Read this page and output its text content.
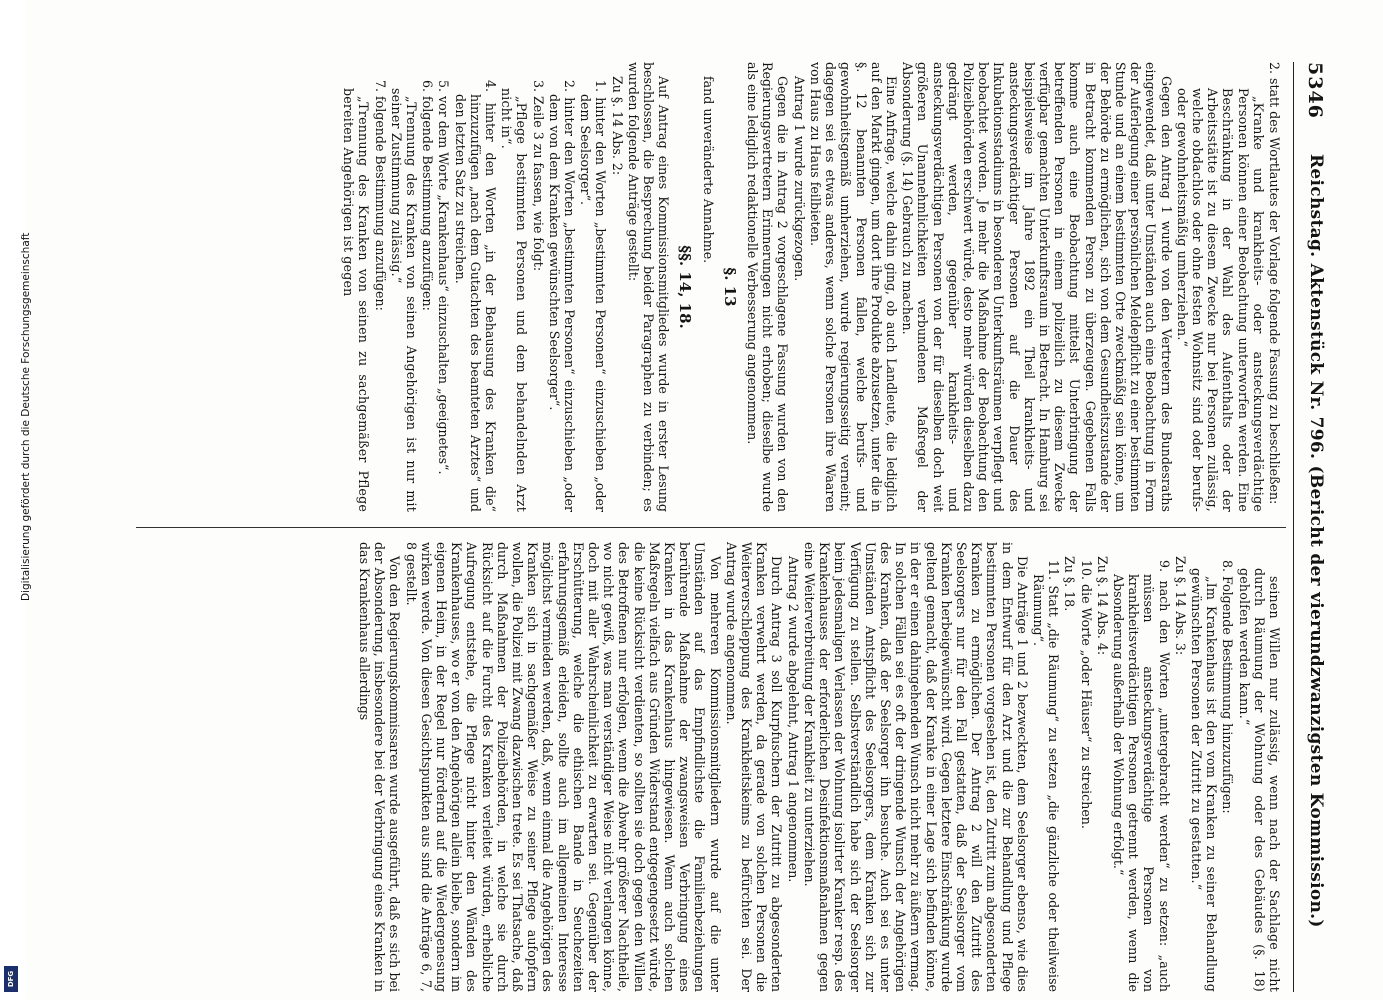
5346
Reichstag. Aktenstück Nr. 796. (Bericht der vierundzwanzigsten Kommission.)

2. statt des Wortlautes der Vorlage folgende Fassung zu beschließen:

„Kranke und krankheits- oder ansteckungsverdächtige Personen können einer Beobachtung unterworfen werden. Eine Beschränkung in der Wahl des Aufenthalts oder der Arbeitsstätte ist zu diesem Zwecke nur bei Personen zulässig, welche obdachlos oder ohne festen Wohnsitz sind oder berufs- oder gewohnheitsmäßig umherziehen.“

Gegen den Antrag 1 wurde von den Vertretern des Bundesraths eingewendet, daß unter Umständen auch eine Beobachtung in Form der Auferlegung einer persönlichen Meldepflicht zu einer bestimmten Stunde und an einem bestimmten Orte zweckmäßig sein könne, um der Behörde zu ermöglichen, sich von dem Gesundheitszustande der in Betracht kommenden Person zu überzeugen. Gegebenen Falls komme auch eine Beobachtung mittelst Unterbringung der betreffenden Personen in einem polizeilich zu diesem Zwecke verfügbar gemachten Unterkunftsraum in Betracht. In Hamburg sei beispielsweise im Jahre 1892 ein Theil krankheits- und ansteckungsverdächtiger Personen auf die Dauer des Inkubationsstadiums in besonderen Unterkunftsräumen verpflegt und beobachtet worden. Je mehr die Maßnahme der Beobachtung den Polizeibehörden erschwert würde, desto mehr würden dieselben dazu gedrängt werden, gegenüber krankheits- und ansteckungsverdächtigen Personen von der für dieselben doch weit größeren Unannehmlichkeiten verbundenen Maßregel der Absonderung (§. 14) Gebrauch zu machen.

Eine Anfrage, welche dahin ging, ob auch Landleute, die lediglich auf den Markt gingen, um dort ihre Produkte abzusetzen, unter die in §. 12 benannten Personen fallen, welche berufs- und gewohnheitsgemäß umherziehen, wurde regierungsseitig verneint; dagegen sei es etwas anderes, wenn solche Personen ihre Waaren von Haus zu Haus feilbieten.

Antrag 1 wurde zurückgezogen.

Gegen die in Antrag 2 vorgeschlagene Fassung wurden von den Regierungsvertretern Erinnerungen nicht erhoben; dieselbe wurde als eine lediglich redaktionelle Verbesserung angenommen.

§. 13

fand unveränderte Annahme.

§§. 14, 18.

Auf Antrag eines Kommissionsmitgliedes wurde in erster Lesung beschlossen, die Besprechung beider Paragraphen zu verbinden; es wurden folgende Anträge gestellt:

Zu §. 14 Abs. 2:

1. hinter den Worten „bestimmten Personen“ einzuschieben „oder dem Seelsorger“.

2. hinter den Worten „bestimmten Personen“ einzuschieben „oder dem von dem Kranken gewünschten Seelsorger“.

3. Zeile 3 zu fassen, wie folgt:

„Pflege bestimmten Personen und dem behandelnden Arzt nicht in“.

4. hinter den Worten „in der Behausung des Kranken die“ hinzuzufügen „nach dem Gutachten des beamteten Arztes“ und den letzten Satz zu streichen.

5. vor dem Worte „Krankenhaus“ einzuschalten „geeignetes“.

6. folgende Bestimmung anzufügen:

„Trennung des Kranken von seinen Angehörigen ist nur mit seiner Zustimmung zulässig.“

7. folgende Bestimmung anzufügen:

„Trennung des Kranken von seinen zu sachgemäßer Pflege bereiten Angehörigen ist gegen

seinen Willen nur zulässig, wenn nach der Sachlage nicht durch Räumung der Wohnung oder des Gebäudes (§. 18) geholfen werden kann.“

8. Folgende Bestimmung hinzuzufügen:

„Im Krankenhaus ist den vom Kranken zu seiner Behandlung gewünschten Personen der Zutritt zu gestatten.“

Zu §. 14 Abs. 3:

9. nach den Worten „untergebracht werden“ zu setzen: „auch müssen ansteckungsverdächtige Personen von krankheitsverdächtigen Personen getrennt werden, wenn die Absonderung außerhalb der Wohnung erfolgt.“

Zu §. 14 Abs. 4:

10. die Worte „oder Häuser“ zu streichen.

Zu §. 18.

11. Statt „die Räumung“ zu setzen „die gänzliche oder theilweise Räumung“.

Die Anträge 1 und 2 bezweckten, dem Seelsorger ebenso, wie dies in dem Entwurf für den Arzt und die zur Behandlung und Pflege bestimmten Personen vorgesehen ist, den Zutritt zum abgesonderten Kranken zu ermöglichen. Der Antrag 2 will den Zutritt des Seelsorgers nur für den Fall gestatten, daß der Seelsorger vom Kranken herbeigewünscht wird. Gegen letztere Einschränkung wurde geltend gemacht, daß der Kranke in einer Lage sich befinden könne, in der er einen dahingehenden Wunsch nicht mehr zu äußern vermag. In solchen Fällen sei es oft der dringende Wunsch der Angehörigen des Kranken, daß der Seelsorger ihn besuche. Auch sei es unter Umständen Amtspflicht des Seelsorgers, dem Kranken sich zur Verfügung zu stellen. Selbstverständlich habe sich der Seelsorger beim jedesmaligen Verlassen der Wohnung isolirter Kranker resp. des Krankenhauses der erforderlichen Desinfektionsmaßnahmen gegen eine Weiterverbreitung der Krankheit zu unterziehen.

Antrag 2 wurde abgelehnt, Antrag 1 angenommen.

Durch Antrag 3 soll Kurpfuschern der Zutritt zu abgesonderten Kranken verwehrt werden, da gerade von solchen Personen die Weiterverschleppung des Krankheitskeims zu befürchten sei. Der Antrag wurde angenommen.

Von mehreren Kommissionsmitgliedern wurde auf die unter Umständen auf das Empfindlichste die Familienbeziehungen berührende Maßnahme der zwangsweisen Verbringung eines Kranken in das Krankenhaus hingewiesen. Wenn auch solchen Maßregeln vielfach aus Gründen Widerstand entgegengesetzt würde, die keine Rücksicht verdienten, so sollten sie doch gegen den Willen des Betroffenen nur erfolgen, wenn die Abwehr größerer Nachtheile, wo nicht gewiß, was man verständiger Weise nicht verlangen könne, doch mit aller Wahrscheinlichkeit zu erwarten sei. Gegenüber der Erschütterung, welche die ethischen Bande in Seuchezeiten erfahrungsgemäß erleiden, sollte auch im allgemeinen Interesse möglichst vermieden werden, daß, wenn einmal die Angehörigen des Kranken sich in sachgemäßer Weise zu seiner Pflege aufopfern wollen, die Polizei mit Zwang dazwischen trete. Es sei Thatsache, daß durch Maßnahmen der Polizeibehörden, in welche sie durch Rücksicht auf die Furcht des Kranken verleitet würden, erhebliche Aufregung entstehe, die Pflege nicht hinter den Wänden des Krankenhauses, wo er von den Angehörigen allein bleibe, sondern im eigenen Heim, in der Regel nur fördernd auf die Wiedergenesung wirken werde. Von diesen Gesichtspunkten aus sind die Anträge 6, 7, 8 gestellt.

Von den Regierungskommissaren wurde ausgeführt, daß es sich bei der Absonderung, insbesondere bei der Verbringung eines Kranken in das Krankenhaus allerdings

Digitalisierung gefördert durch die Deutsche Forschungsgemeinschaft
DFG
